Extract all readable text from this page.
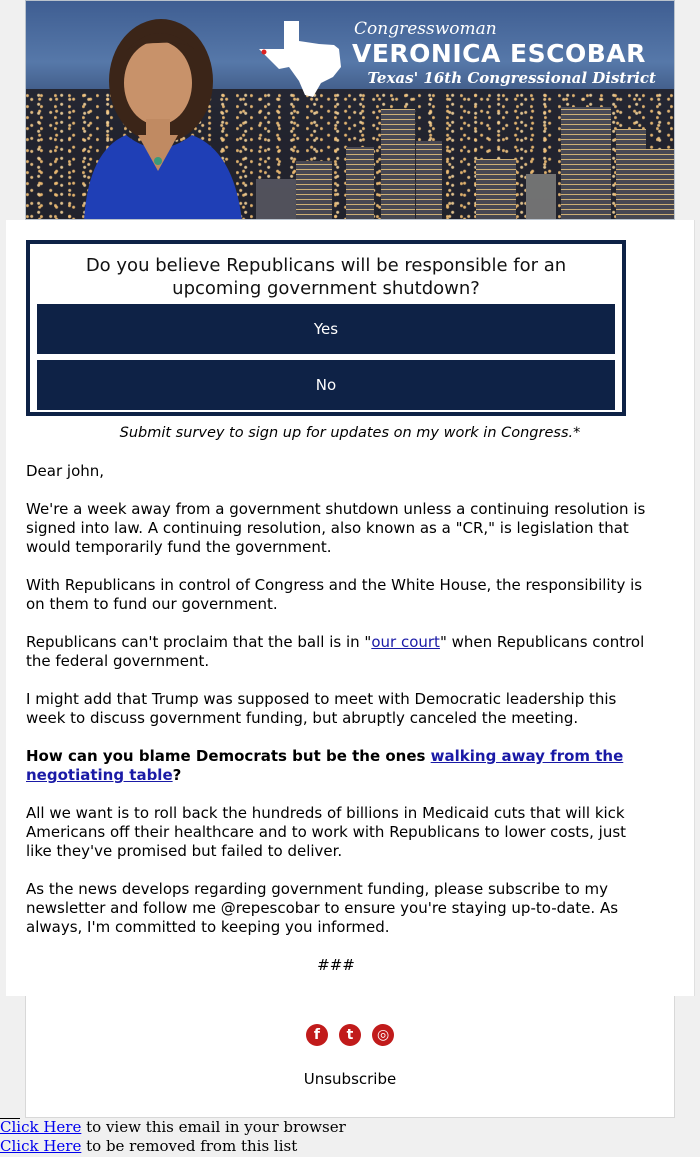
Congresswoman
VERONICA ESCOBAR
Texas' 16th Congressional District
Do you believe Republicans will be responsible for an upcoming government shutdown?
Yes
No
Submit survey to sign up for updates on my work in Congress.*

Dear john,

We're a week away from a government shutdown unless a continuing resolution is signed into law. A continuing resolution, also known as a "CR," is legislation that would temporarily fund the government.

With Republicans in control of Congress and the White House, the responsibility is on them to fund our government.

Republicans can't proclaim that the ball is in "our court" when Republicans control the federal government.

I might add that Trump was supposed to meet with Democratic leadership this week to discuss government funding, but abruptly canceled the meeting.

How can you blame Democrats but be the ones walking away from the negotiating table?

All we want is to roll back the hundreds of billions in Medicaid cuts that will kick Americans off their healthcare and to work with Republicans to lower costs, just like they've promised but failed to deliver.

As the news develops regarding government funding, please subscribe to my newsletter and follow me @repescobar to ensure you're staying up-to-date. As always, I'm committed to keeping you informed.

###

f t ◎
Unsubscribe
Click Here to view this email in your browser
Click Here to be removed from this list
